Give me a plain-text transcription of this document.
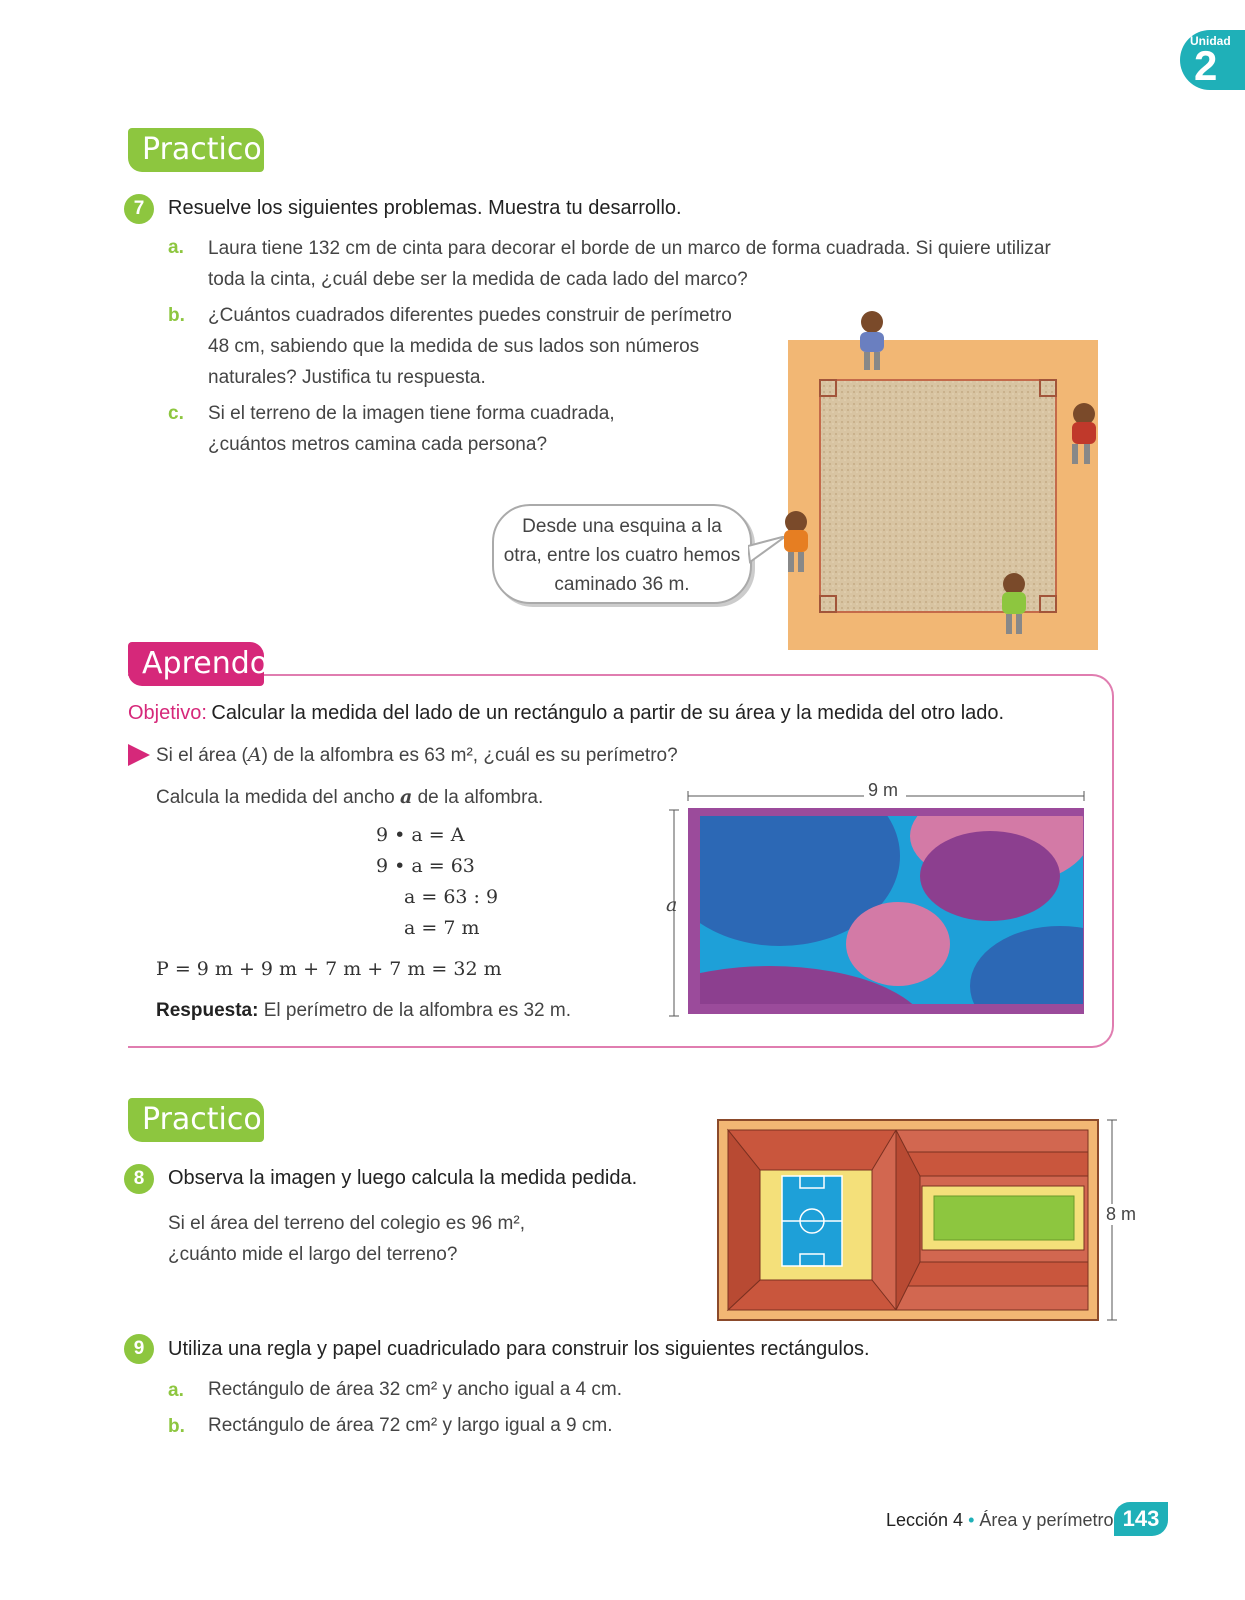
Unidad
2
Practico
7	Resuelve los siguientes problemas. Muestra tu desarrollo.
a. Laura tiene 132 cm de cinta para decorar el borde de un marco de forma cuadrada. Si quiere utilizar
toda la cinta, ¿cuál debe ser la medida de cada lado del marco?
b. ¿Cuántos cuadrados diferentes puedes construir de perímetro
48 cm, sabiendo que la medida de sus lados son números
naturales? Justifica tu respuesta.
c. Si el terreno de la imagen tiene forma cuadrada,
¿cuántos metros camina cada persona?
Desde una esquina a la
otra, entre los cuatro hemos
caminado 36 m.
Aprendo
Objetivo: Calcular la medida del lado de un rectángulo a partir de su área y la medida del otro lado.
Si el área (A) de la alfombra es 63 m², ¿cuál es su perímetro?
Calcula la medida del ancho a de la alfombra.
9 • a = A
9 • a = 63
a = 63 : 9
a = 7 m
P = 9 m + 9 m + 7 m + 7 m = 32 m
Respuesta: El perímetro de la alfombra es 32 m.
9 m
a
Practico
8	Observa la imagen y luego calcula la medida pedida.
Si el área del terreno del colegio es 96 m²,
¿cuánto mide el largo del terreno?
8 m
9	Utiliza una regla y papel cuadriculado para construir los siguientes rectángulos.
a. Rectángulo de área 32 cm² y ancho igual a 4 cm.
b. Rectángulo de área 72 cm² y largo igual a 9 cm.
Lección 4 • Área y perímetro 143
